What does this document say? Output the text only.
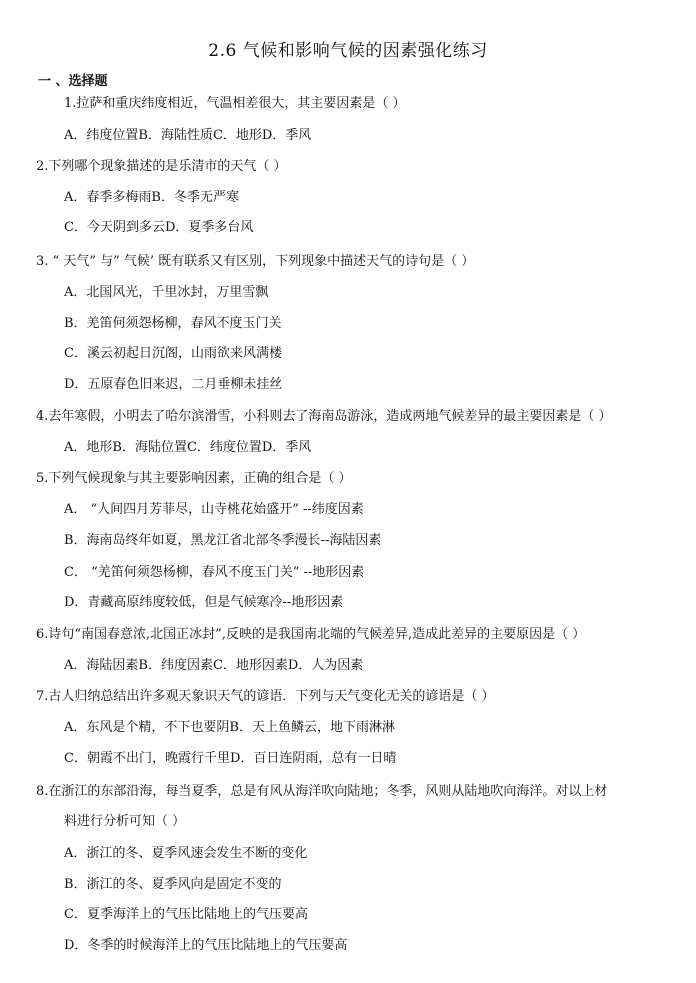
2.6 气候和影响气候的因素强化练习
一 、选择题
1.拉萨和重庆纬度相近，气温相差很大，其主要因素是（ ）
A．纬度位置B．海陆性质C．地形D．季风
2.下列哪个现象描述的是乐清市的天气（ ）
A．春季多梅雨B．冬季无严寒
C．今天阴到多云D．夏季多台风
3. “ 天气” 与” 气候’ 既有联系又有区别，下列现象中描述天气的诗句是（ ）
A．北国风光，千里冰封，万里雪飘
B．羌笛何须怨杨柳，春风不度玉门关
C．溪云初起日沉阁，山雨欲来风满楼
D．五原春色旧来迟，二月垂柳未挂丝
4.去年寒假，小明去了哈尔滨滑雪，小科则去了海南岛游泳，造成两地气候差异的最主要因素是（ ）
A．地形B．海陆位置C．纬度位置D．季风
5.下列气候现象与其主要影响因素，正确的组合是（ ）
A． “人间四月芳菲尽，山寺桃花始盛开” --纬度因素
B．海南岛终年如夏，黑龙江省北部冬季漫长--海陆因素
C． “羌笛何须怨杨柳，春风不度玉门关” --地形因素
D．青藏高原纬度较低，但是气候寒冷--地形因素
6.诗句“南国春意浓,北国正冰封”,反映的是我国南北端的气候差异,造成此差异的主要原因是（ ）
A．海陆因素B．纬度因素C．地形因素D．人为因素
7.古人归纳总结出许多观天象识天气的谚语．下列与天气变化无关的谚语是（ ）
A．东风是个精，不下也要阴B．天上鱼鳞云，地下雨淋淋
C．朝霞不出门，晚霞行千里D．百日连阴雨，总有一日晴
8.在浙江的东部沿海，每当夏季，总是有风从海洋吹向陆地；冬季，风则从陆地吹向海洋。对以上材
料进行分析可知（ ）
A．浙江的冬、夏季风速会发生不断的变化
B．浙江的冬、夏季风向是固定不变的
C．夏季海洋上的气压比陆地上的气压要高
D．冬季的时候海洋上的气压比陆地上的气压要高
